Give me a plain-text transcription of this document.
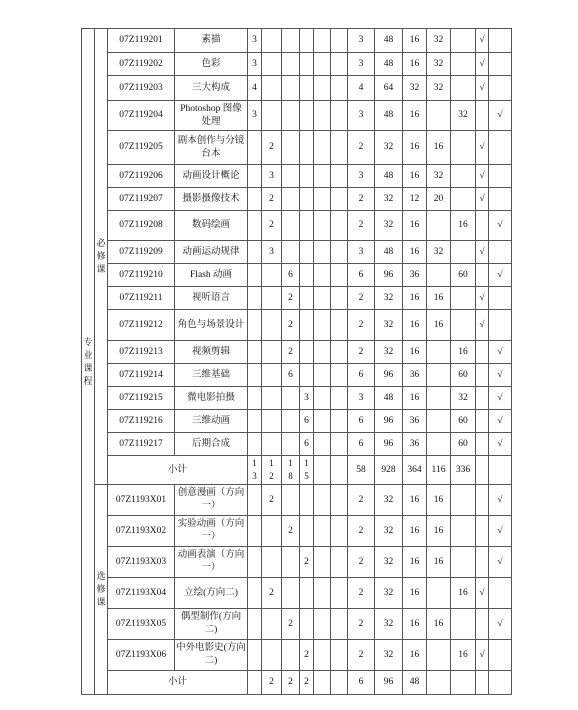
专业课程	必修课	07Z119201	素描	3						3	48	16	32		√	
		07Z119202	色彩	3						3	48	16	32		√	
		07Z119203	三大构成	4						4	64	32	32		√	
		07Z119204	Photoshop 图像处理	3						3	48	16		32		√
		07Z119205	剧本创作与分镜台本		2					2	32	16	16		√	
		07Z119206	动画设计概论		3					3	48	16	32		√	
		07Z119207	摄影摄像技术		2					2	32	12	20		√	
		07Z119208	数码绘画		2					2	32	16		16		√
		07Z119209	动画运动规律		3					3	48	16	32		√	
		07Z119210	Flash 动画			6				6	96	36		60		√
		07Z119211	视听语言			2				2	32	16	16		√	
		07Z119212	角色与场景设计			2				2	32	16	16		√	
		07Z119213	视频剪辑			2				2	32	16		16		√
		07Z119214	三维基础			6				6	96	36		60		√
		07Z119215	微电影拍摄				3			3	48	16		32		√
		07Z119216	三维动画				6			6	96	36		60		√
		07Z119217	后期合成				6			6	96	36		60		√
		小计		13	12	18	15			58	928	364	116	336		
	选修课	07Z1193X01	创意漫画（方向一）		2					2	32	16	16			√
		07Z1193X02	实验动画（方向一）			2				2	32	16	16			√
		07Z1193X03	动画表演（方向一）				2			2	32	16	16			√
		07Z1193X04	立绘(方向二)		2					2	32	16		16	√	
		07Z1193X05	偶型制作(方向二)			2				2	32	16	16			√
		07Z1193X06	中外电影史(方向二)				2			2	32	16		16	√	
		小计			2	2	2			6	96	48				
